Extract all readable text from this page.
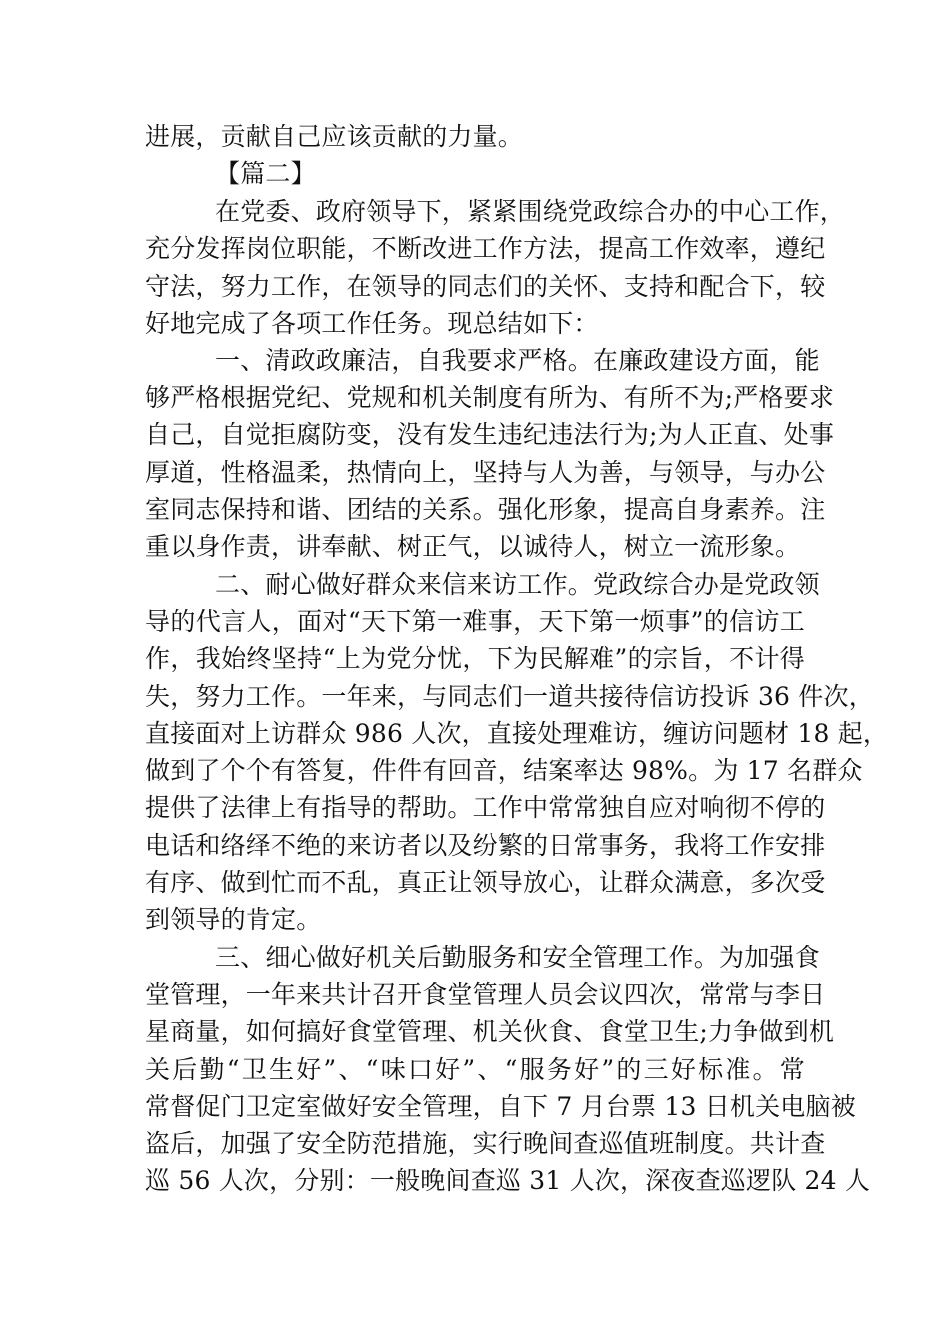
进展，贡献自己应该贡献的力量。
【篇二】
在党委、政府领导下，紧紧围绕党政综合办的中心工作，
充分发挥岗位职能，不断改进工作方法，提高工作效率，遵纪
守法，努力工作，在领导的同志们的关怀、支持和配合下，较
好地完成了各项工作任务。现总结如下：
一、清政政廉洁，自我要求严格。在廉政建设方面，能
够严格根据党纪、党规和机关制度有所为、有所不为;严格要求
自己，自觉拒腐防变，没有发生违纪违法行为;为人正直、处事
厚道，性格温柔，热情向上，坚持与人为善，与领导，与办公
室同志保持和谐、团结的关系。强化形象，提高自身素养。注
重以身作责，讲奉献、树正气，以诚待人，树立一流形象。
二、耐心做好群众来信来访工作。党政综合办是党政领
导的代言人，面对“天下第一难事，天下第一烦事”的信访工
作，我始终坚持“上为党分忧，下为民解难”的宗旨，不计得
失，努力工作。一年来，与同志们一道共接待信访投诉 36 件次，
直接面对上访群众 986 人次，直接处理难访，缠访问题材 18 起，
做到了个个有答复，件件有回音，结案率达 98%。为 17 名群众
提供了法律上有指导的帮助。工作中常常独自应对响彻不停的
电话和络绎不绝的来访者以及纷繁的日常事务，我将工作安排
有序、做到忙而不乱，真正让领导放心，让群众满意，多次受
到领导的肯定。
三、细心做好机关后勤服务和安全管理工作。为加强食
堂管理，一年来共计召开食堂管理人员会议四次，常常与李日
星商量，如何搞好食堂管理、机关伙食、食堂卫生;力争做到机
关后勤“卫生好”、“味口好”、“服务好”的三好标准。常
常督促门卫定室做好安全管理，自下 7 月台票 13 日机关电脑被
盗后，加强了安全防范措施，实行晚间查巡值班制度。共计查
巡 56 人次，分别：一般晚间查巡 31 人次，深夜查巡逻队 24 人
